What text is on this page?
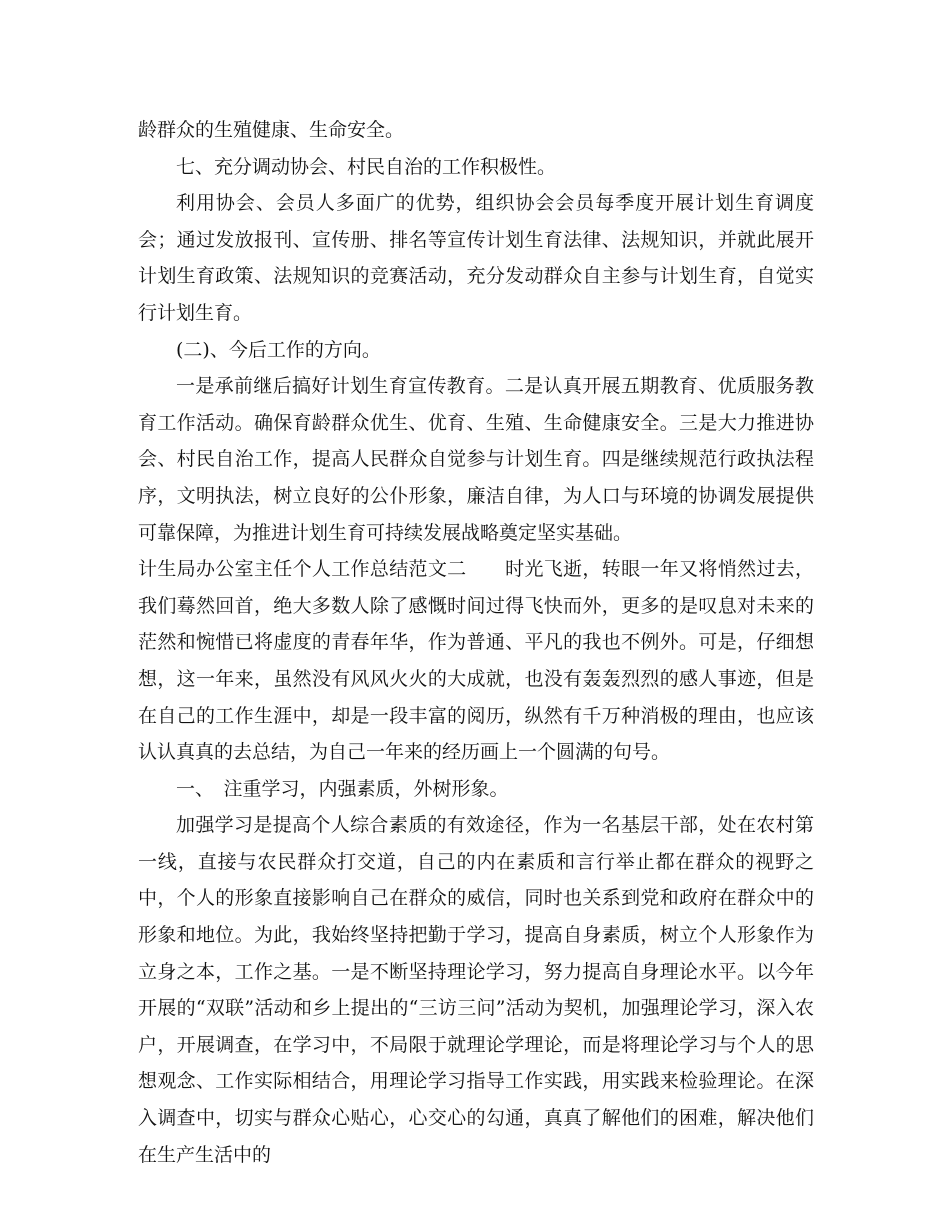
龄群众的生殖健康、生命安全。

七、充分调动协会、村民自治的工作积极性。

利用协会、会员人多面广的优势，组织协会会员每季度开展计划生育调度会；通过发放报刊、宣传册、排名等宣传计划生育法律、法规知识，并就此展开计划生育政策、法规知识的竞赛活动，充分发动群众自主参与计划生育，自觉实行计划生育。

(二)、今后工作的方向。

一是承前继后搞好计划生育宣传教育。二是认真开展五期教育、优质服务教育工作活动。确保育龄群众优生、优育、生殖、生命健康安全。三是大力推进协会、村民自治工作，提高人民群众自觉参与计划生育。四是继续规范行政执法程序，文明执法，树立良好的公仆形象，廉洁自律，为人口与环境的协调发展提供可靠保障，为推进计划生育可持续发展战略奠定坚实基础。

计生局办公室主任个人工作总结范文二　　时光飞逝，转眼一年又将悄然过去，我们蓦然回首，绝大多数人除了感慨时间过得飞快而外，更多的是叹息对未来的茫然和惋惜已将虚度的青春年华，作为普通、平凡的我也不例外。可是，仔细想想，这一年来，虽然没有风风火火的大成就，也没有轰轰烈烈的感人事迹，但是在自己的工作生涯中，却是一段丰富的阅历，纵然有千万种消极的理由，也应该认认真真的去总结，为自己一年来的经历画上一个圆满的句号。

一、　注重学习，内强素质，外树形象。

加强学习是提高个人综合素质的有效途径，作为一名基层干部，处在农村第一线，直接与农民群众打交道，自己的内在素质和言行举止都在群众的视野之中，个人的形象直接影响自己在群众的威信，同时也关系到党和政府在群众中的形象和地位。为此，我始终坚持把勤于学习，提高自身素质，树立个人形象作为立身之本，工作之基。一是不断坚持理论学习，努力提高自身理论水平。以今年开展的“双联”活动和乡上提出的“三访三问”活动为契机，加强理论学习，深入农户，开展调查，在学习中，不局限于就理论学理论，而是将理论学习与个人的思想观念、工作实际相结合，用理论学习指导工作实践，用实践来检验理论。在深入调查中，切实与群众心贴心，心交心的勾通，真真了解他们的困难，解决他们在生产生活中的
